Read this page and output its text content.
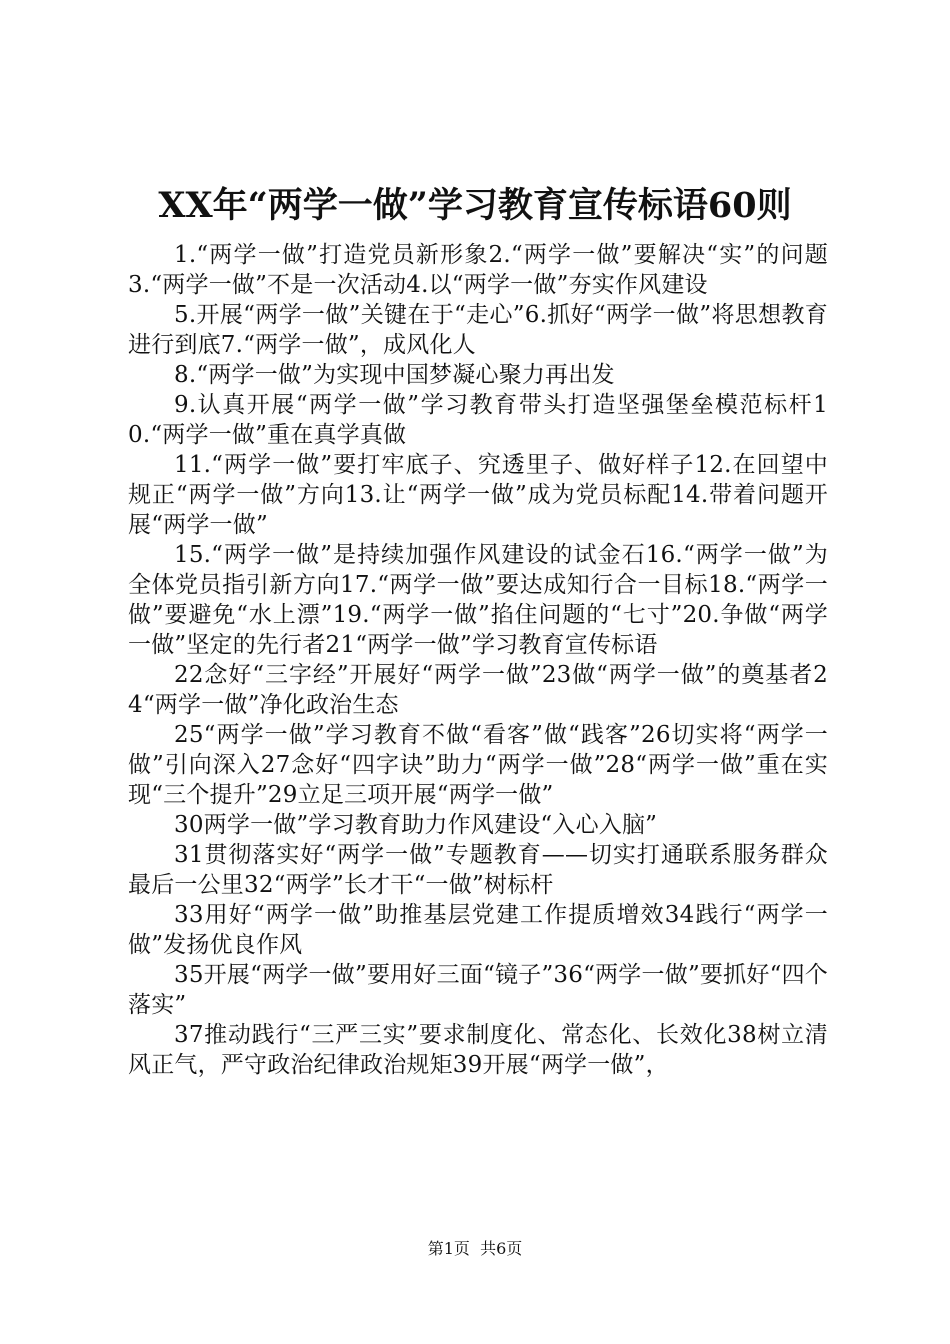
XX年“两学一做”学习教育宣传标语60则

1.“两学一做”打造党员新形象2.“两学一做”要解决“实”的问题3.“两学一做”不是一次活动4.以“两学一做”夯实作风建设

5.开展“两学一做”关键在于“走心”6.抓好“两学一做”将思想教育进行到底7.“两学一做”，成风化人

8.“两学一做”为实现中国梦凝心聚力再出发

9.认真开展“两学一做”学习教育带头打造坚强堡垒模范标杆10.“两学一做”重在真学真做

11.“两学一做”要打牢底子、究透里子、做好样子12.在回望中规正“两学一做”方向13.让“两学一做”成为党员标配14.带着问题开展“两学一做”

15.“两学一做”是持续加强作风建设的试金石16.“两学一做”为全体党员指引新方向17.“两学一做”要达成知行合一目标18.“两学一做”要避免“水上漂”19.“两学一做”掐住问题的“七寸”20.争做“两学一做”坚定的先行者21“两学一做”学习教育宣传标语

22念好“三字经”开展好“两学一做”23做“两学一做”的奠基者24“两学一做”净化政治生态

25“两学一做”学习教育不做“看客”做“践客”26切实将“两学一做”引向深入27念好“四字诀”助力“两学一做”28“两学一做”重在实现“三个提升”29立足三项开展“两学一做”

30两学一做”学习教育助力作风建设“入心入脑”

31贯彻落实好“两学一做”专题教育——切实打通联系服务群众最后一公里32“两学”长才干“一做”树标杆

33用好“两学一做”助推基层党建工作提质增效34践行“两学一做”发扬优良作风

35开展“两学一做”要用好三面“镜子”36“两学一做”要抓好“四个落实”

37推动践行“三严三实”要求制度化、常态化、长效化38树立清风正气，严守政治纪律政治规矩39开展“两学一做”，

第1页 共6页
